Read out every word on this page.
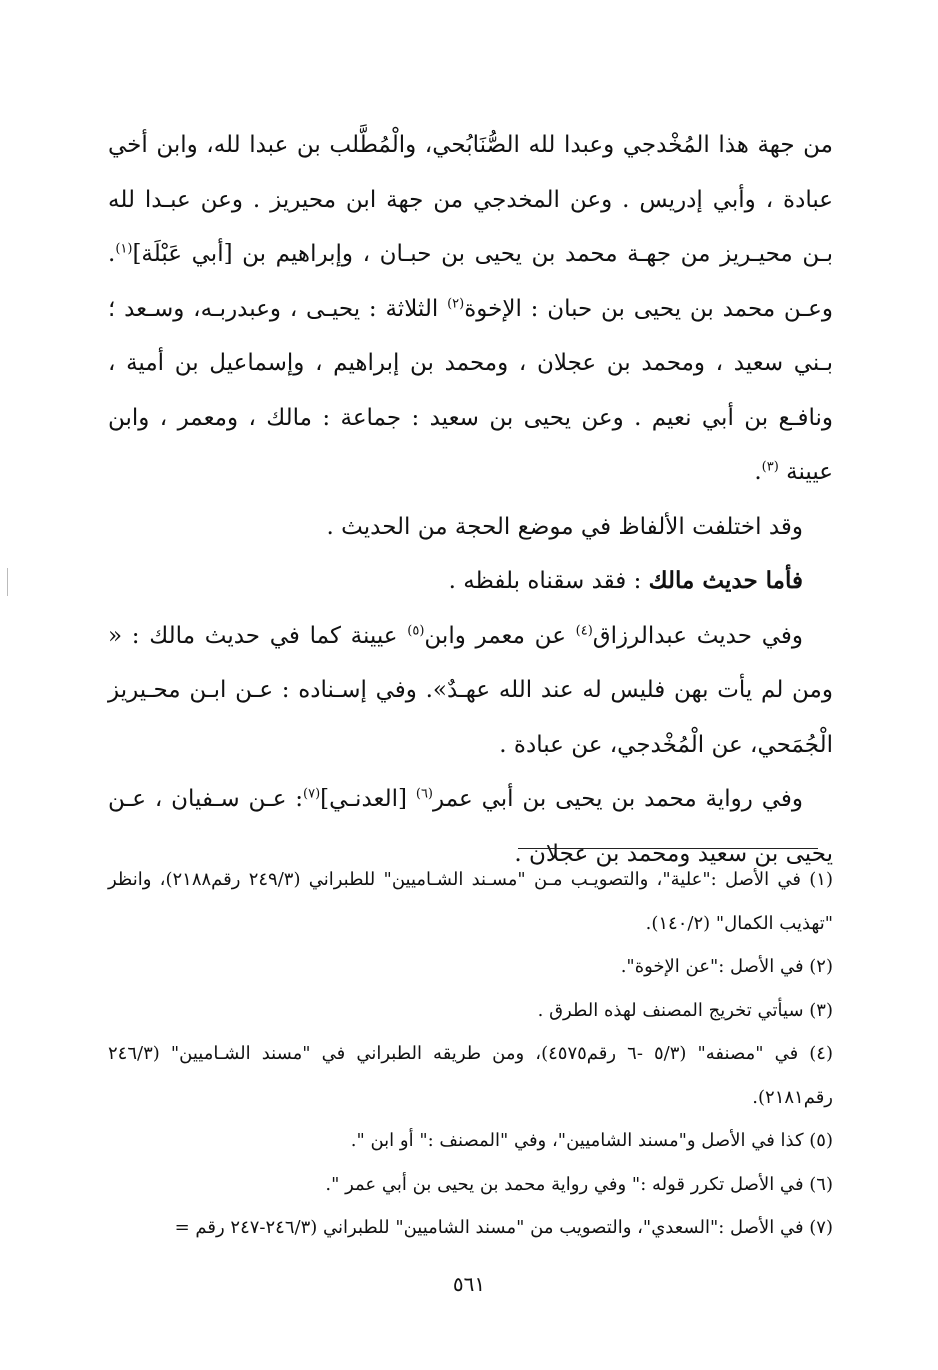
من جهة هذا المُخْدجي وعبدا لله الصُّنَابُحي، والْمُطَّلب بن عبدا لله، وابن أخي عبادة ، وأبي إدريس . وعن المخدجي من جهة ابن محيريز . وعن عبـدا لله بـن محيـريز من جهـة محمد بن يحيى بن حبـان ، وإبراهيم بن [أبي عَبْلَة]$^{(١)}$. وعـن محمد بن يحيى بن حبان : الإخوة$^{(٢)}$ الثلاثة : يحيـى ، وعبدربـه، وسـعد ؛ بـني سعيد ، ومحمد بن عجلان ، ومحمد بن إبراهيم ، وإسماعيل بن أمية ، ونافـع بن أبي نعيم . وعن يحيى بن سعيد : جماعة : مالك ، ومعمر ، وابن عيينة $^{(٣)}$.

وقد اختلفت الألفاظ في موضع الحجة من الحديث .

فأما حديث مالك : فقد سقناه بلفظه .

وفي حديث عبدالرزاق$^{(٤)}$ عن معمر وابن$^{(٥)}$ عيينة كما في حديث مالك : « ومن لم يأت بهن فليس له عند الله عهـدٌ». وفي إسـناده : عـن ابـن محـيريز الْجُمَحي، عن الْمُخْدجي، عن عبادة .

وفي رواية محمد بن يحيى بن أبي عمر$^{(٦)}$ [العدنـي]$^{(٧)}$: عـن سـفيان ، عـن يحيى بن سعيد ومحمد بن عجلان .

(١) في الأصل :"علية"، والتصويـب مـن "مسـند الشـاميين" للطبراني (٢٤٩/٣ رقم٢١٨٨)، وانظر "تهذيب الكمال" (١٤٠/٢).

(٢) في الأصل :"عن الإخوة".

(٣) سيأتي تخريج المصنف لهذه الطرق .

(٤) في "مصنفه" (٥/٣ -٦ رقم٤٥٧٥)، ومن طريقه الطبراني في "مسند الشـاميين" (٢٤٦/٣ رقم٢١٨١).

(٥) كذا في الأصل و"مسند الشاميين"، وفي "المصنف :" أو ابن ".

(٦) في الأصل تكرر قوله :" وفي رواية محمد بن يحيى بن أبي عمر ".

(٧) في الأصل :"السعدي"، والتصويب من "مسند الشاميين" للطبراني (٢٤٦/٣-٢٤٧ رقم =

٥٦١
